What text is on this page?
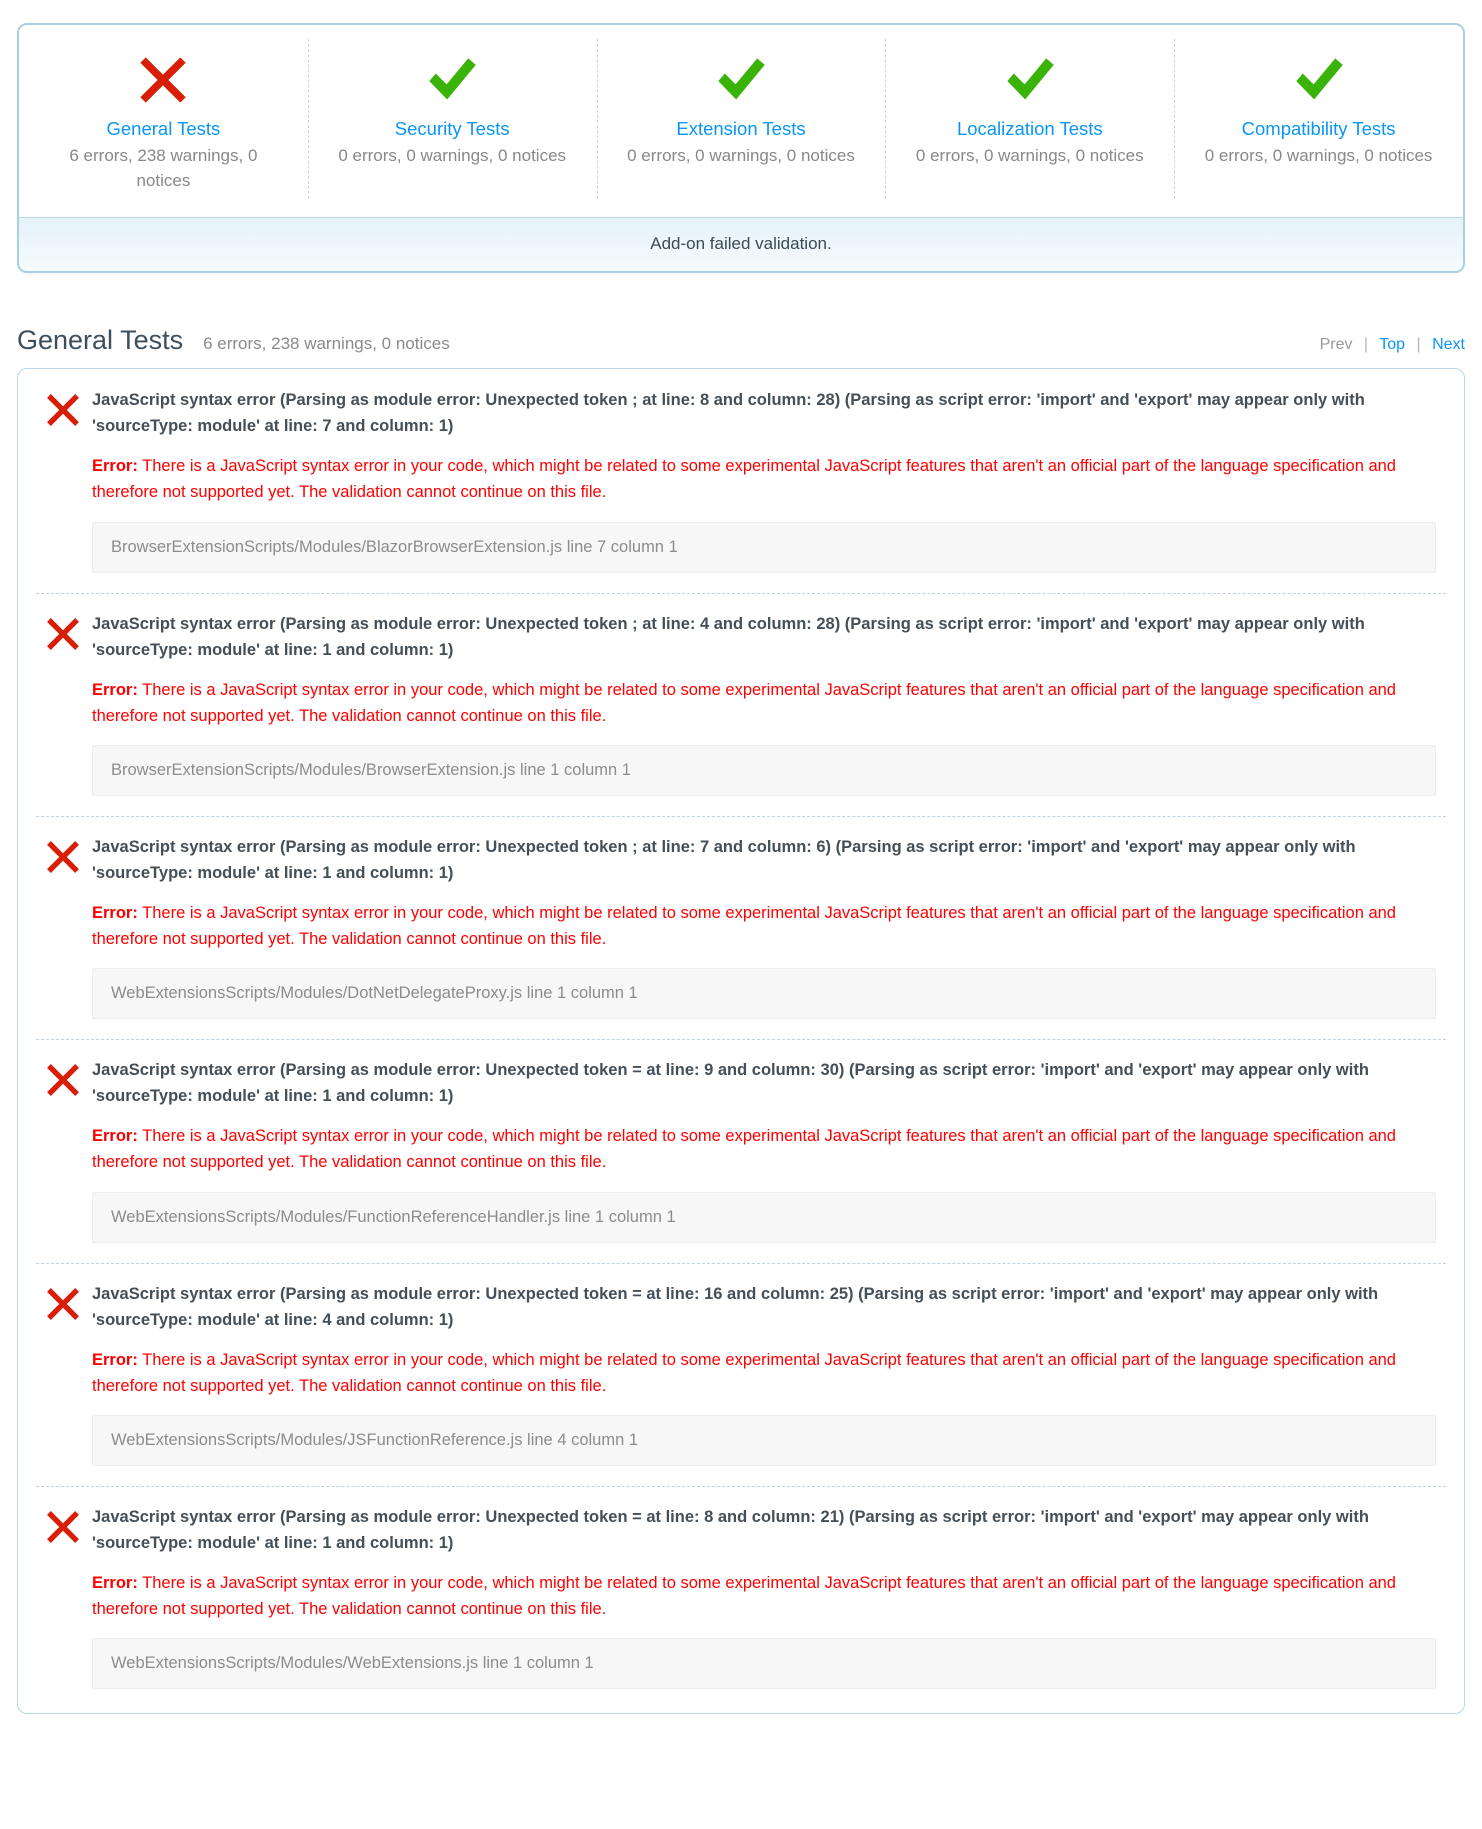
General Tests
6 errors, 238 warnings, 0 notices
Security Tests
0 errors, 0 warnings, 0 notices
Extension Tests
0 errors, 0 warnings, 0 notices
Localization Tests
0 errors, 0 warnings, 0 notices
Compatibility Tests
0 errors, 0 warnings, 0 notices
Add-on failed validation.
General Tests 6 errors, 238 warnings, 0 notices	Prev | Top | Next
JavaScript syntax error (Parsing as module error: Unexpected token ; at line: 8 and column: 28) (Parsing as script error: 'import' and 'export' may appear only with 'sourceType: module' at line: 7 and column: 1)
Error: There is a JavaScript syntax error in your code, which might be related to some experimental JavaScript features that aren't an official part of the language specification and therefore not supported yet. The validation cannot continue on this file.
BrowserExtensionScripts/Modules/BlazorBrowserExtension.js line 7 column 1
JavaScript syntax error (Parsing as module error: Unexpected token ; at line: 4 and column: 28) (Parsing as script error: 'import' and 'export' may appear only with 'sourceType: module' at line: 1 and column: 1)
Error: There is a JavaScript syntax error in your code, which might be related to some experimental JavaScript features that aren't an official part of the language specification and therefore not supported yet. The validation cannot continue on this file.
BrowserExtensionScripts/Modules/BrowserExtension.js line 1 column 1
JavaScript syntax error (Parsing as module error: Unexpected token ; at line: 7 and column: 6) (Parsing as script error: 'import' and 'export' may appear only with 'sourceType: module' at line: 1 and column: 1)
Error: There is a JavaScript syntax error in your code, which might be related to some experimental JavaScript features that aren't an official part of the language specification and therefore not supported yet. The validation cannot continue on this file.
WebExtensionsScripts/Modules/DotNetDelegateProxy.js line 1 column 1
JavaScript syntax error (Parsing as module error: Unexpected token = at line: 9 and column: 30) (Parsing as script error: 'import' and 'export' may appear only with 'sourceType: module' at line: 1 and column: 1)
Error: There is a JavaScript syntax error in your code, which might be related to some experimental JavaScript features that aren't an official part of the language specification and therefore not supported yet. The validation cannot continue on this file.
WebExtensionsScripts/Modules/FunctionReferenceHandler.js line 1 column 1
JavaScript syntax error (Parsing as module error: Unexpected token = at line: 16 and column: 25) (Parsing as script error: 'import' and 'export' may appear only with 'sourceType: module' at line: 4 and column: 1)
Error: There is a JavaScript syntax error in your code, which might be related to some experimental JavaScript features that aren't an official part of the language specification and therefore not supported yet. The validation cannot continue on this file.
WebExtensionsScripts/Modules/JSFunctionReference.js line 4 column 1
JavaScript syntax error (Parsing as module error: Unexpected token = at line: 8 and column: 21) (Parsing as script error: 'import' and 'export' may appear only with 'sourceType: module' at line: 1 and column: 1)
Error: There is a JavaScript syntax error in your code, which might be related to some experimental JavaScript features that aren't an official part of the language specification and therefore not supported yet. The validation cannot continue on this file.
WebExtensionsScripts/Modules/WebExtensions.js line 1 column 1
